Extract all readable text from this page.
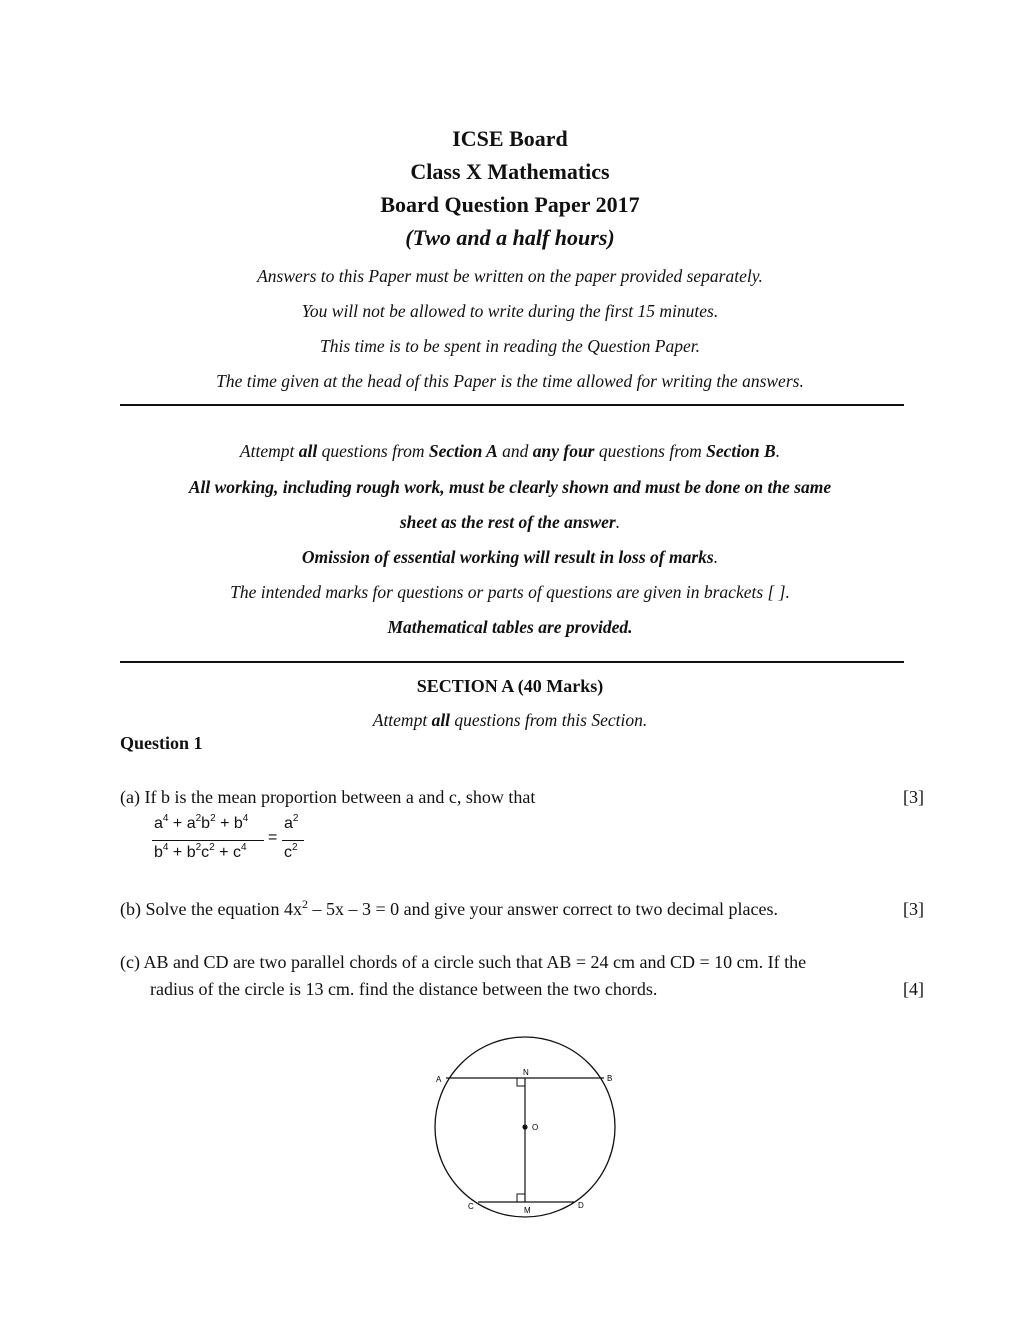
ICSE Board
Class X Mathematics
Board Question Paper 2017
(Two and a half hours)
Answers to this Paper must be written on the paper provided separately.
You will not be allowed to write during the first 15 minutes.
This time is to be spent in reading the Question Paper.
The time given at the head of this Paper is the time allowed for writing the answers.
Attempt all questions from Section A and any four questions from Section B.
All working, including rough work, must be clearly shown and must be done on the same
sheet as the rest of the answer.
Omission of essential working will result in loss of marks.
The intended marks for questions or parts of questions are given in brackets [ ].
Mathematical tables are provided.
SECTION A (40 Marks)
Attempt all questions from this Section.
Question 1
(a) If b is the mean proportion between a and c, show that	[3]
$a^4 + a^2b^2 + b^4$
$b^4 + b^2c^2 + c^4$
=
$a^2$
$c^2$
(b) Solve the equation $4x^2 - 5x - 3 = 0$ and give your answer correct to two decimal places.	[3]
(c) AB and CD are two parallel chords of a circle such that AB = 24 cm and CD = 10 cm. If the
radius of the circle is 13 cm. find the distance between the two chords.	[4]
A	B
C	D
N
M
O
